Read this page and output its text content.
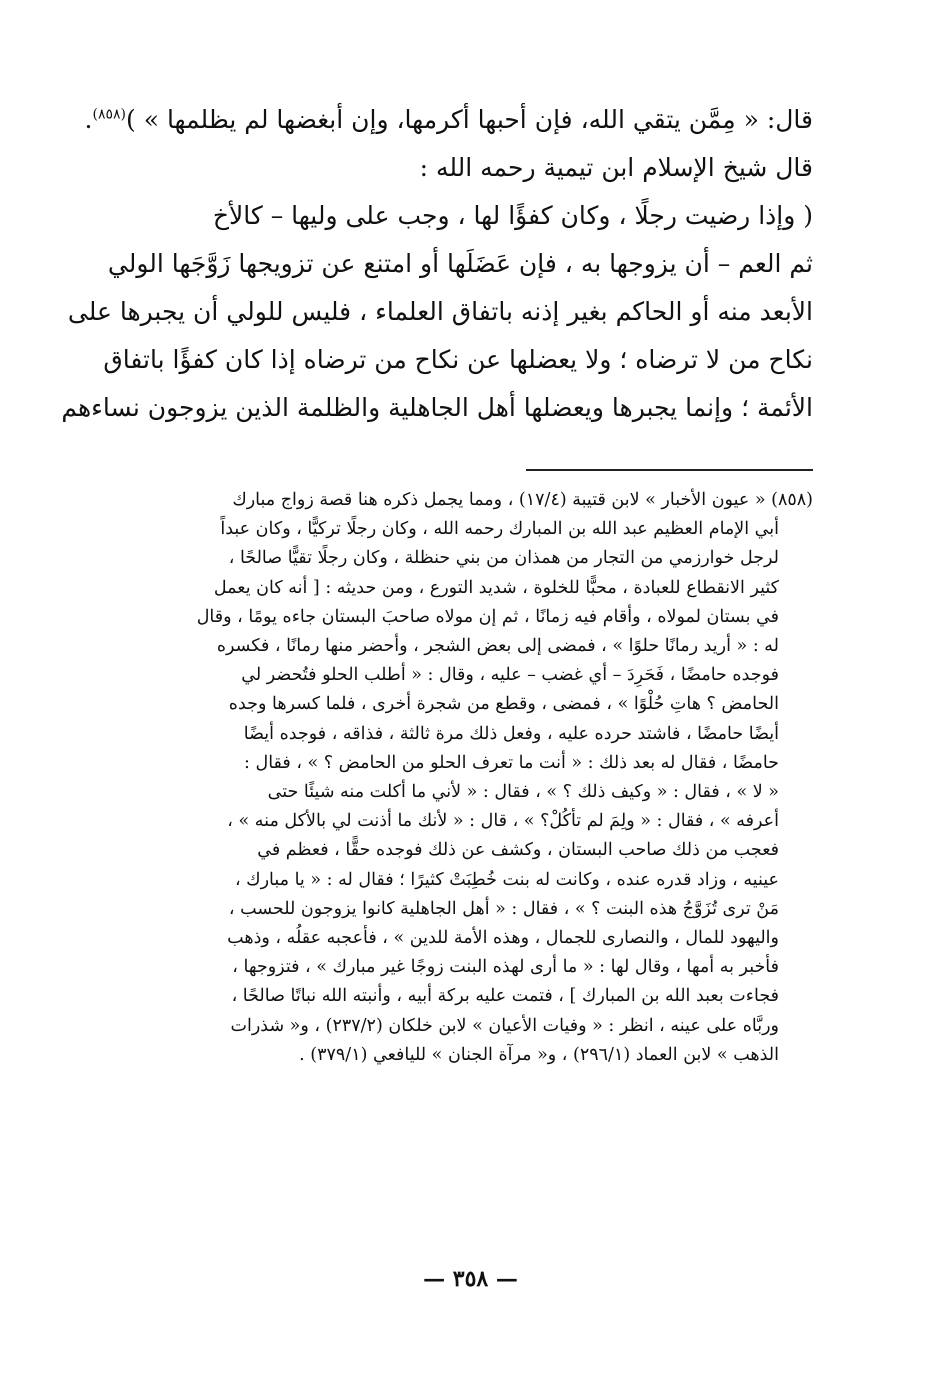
قال: « مِمَّن يتقي الله، فإن أحبها أكرمها، وإن أبغضها لم يظلمها » )$^{(٨٥٨)}$.
قال شيخ الإسلام ابن تيمية رحمه الله :
( وإذا رضيت رجلًا ، وكان كفؤًا لها ، وجب على وليها – كالأخ
ثم العم – أن يزوجها به ، فإن عَضَلَها أو امتنع عن تزويجها زَوَّجَها الولي
الأبعد منه أو الحاكم بغير إذنه باتفاق العلماء ، فليس للولي أن يجبرها على
نكاح من لا ترضاه ؛ ولا يعضلها عن نكاح من ترضاه إذا كان كفؤًا باتفاق
الأئمة ؛ وإنما يجبرها ويعضلها أهل الجاهلية والظلمة الذين يزوجون نساءهم
(٨٥٨) « عيون الأخبار » لابن قتيبة (١٧/٤) ، ومما يجمل ذكره هنا قصة زواج مبارك
أبي الإمام العظيم عبد الله بن المبارك رحمه الله ، وكان رجلًا تركيًّا ، وكان عبداً
لرجل خوارزمي من التجار من همذان من بني حنظلة ، وكان رجلًا تقيًّا صالحًا ،
كثير الانقطاع للعبادة ، محبًّا للخلوة ، شديد التورع ، ومن حديثه : [ أنه كان يعمل
في بستان لمولاه ، وأقام فيه زمانًا ، ثم إن مولاه صاحبَ البستان جاءه يومًا ، وقال
له : « أريد رمانًا حلوًا » ، فمضى إلى بعض الشجر ، وأحضر منها رمانًا ، فكسره
فوجده حامضًا ، فَحَرِدَ – أي غضب – عليه ، وقال : « أطلب الحلو فتُحضر لي
الحامض ؟ هاتِ حُلْوًا » ، فمضى ، وقطع من شجرة أخرى ، فلما كسرها وجده
أيضًا حامضًا ، فاشتد حرده عليه ، وفعل ذلك مرة ثالثة ، فذاقه ، فوجده أيضًا
حامضًا ، فقال له بعد ذلك : « أنت ما تعرف الحلو من الحامض ؟ » ، فقال :
« لا » ، فقال : « وكيف ذلك ؟ » ، فقال : « لأني ما أكلت منه شيئًا حتى
أعرفه » ، فقال : « ولِمَ لم تأكُلْ؟ » ، قال : « لأنك ما أذنت لي بالأكل منه » ،
فعجب من ذلك صاحب البستان ، وكشف عن ذلك فوجده حقًّا ، فعظم في
عينيه ، وزاد قدره عنده ، وكانت له بنت خُطِبَتْ كثيرًا ؛ فقال له : « يا مبارك ،
مَنْ ترى تُزَوَّجُ هذه البنت ؟ » ، فقال : « أهل الجاهلية كانوا يزوجون للحسب ،
واليهود للمال ، والنصارى للجمال ، وهذه الأمة للدين » ، فأعجبه عقلُه ، وذهب
فأخبر به أمها ، وقال لها : « ما أرى لهذه البنت زوجًا غير مبارك » ، فتزوجها ،
فجاءت بعبد الله بن المبارك ] ، فتمت عليه بركة أبيه ، وأنبته الله نباتًا صالحًا ،
وربَّاه على عينه ، انظر : « وفيات الأعيان » لابن خلكان (٢٣٧/٢) ، و« شذرات
الذهب » لابن العماد (٢٩٦/١) ، و« مرآة الجنان » لليافعي (٣٧٩/١) .
— ٣٥٨ —
